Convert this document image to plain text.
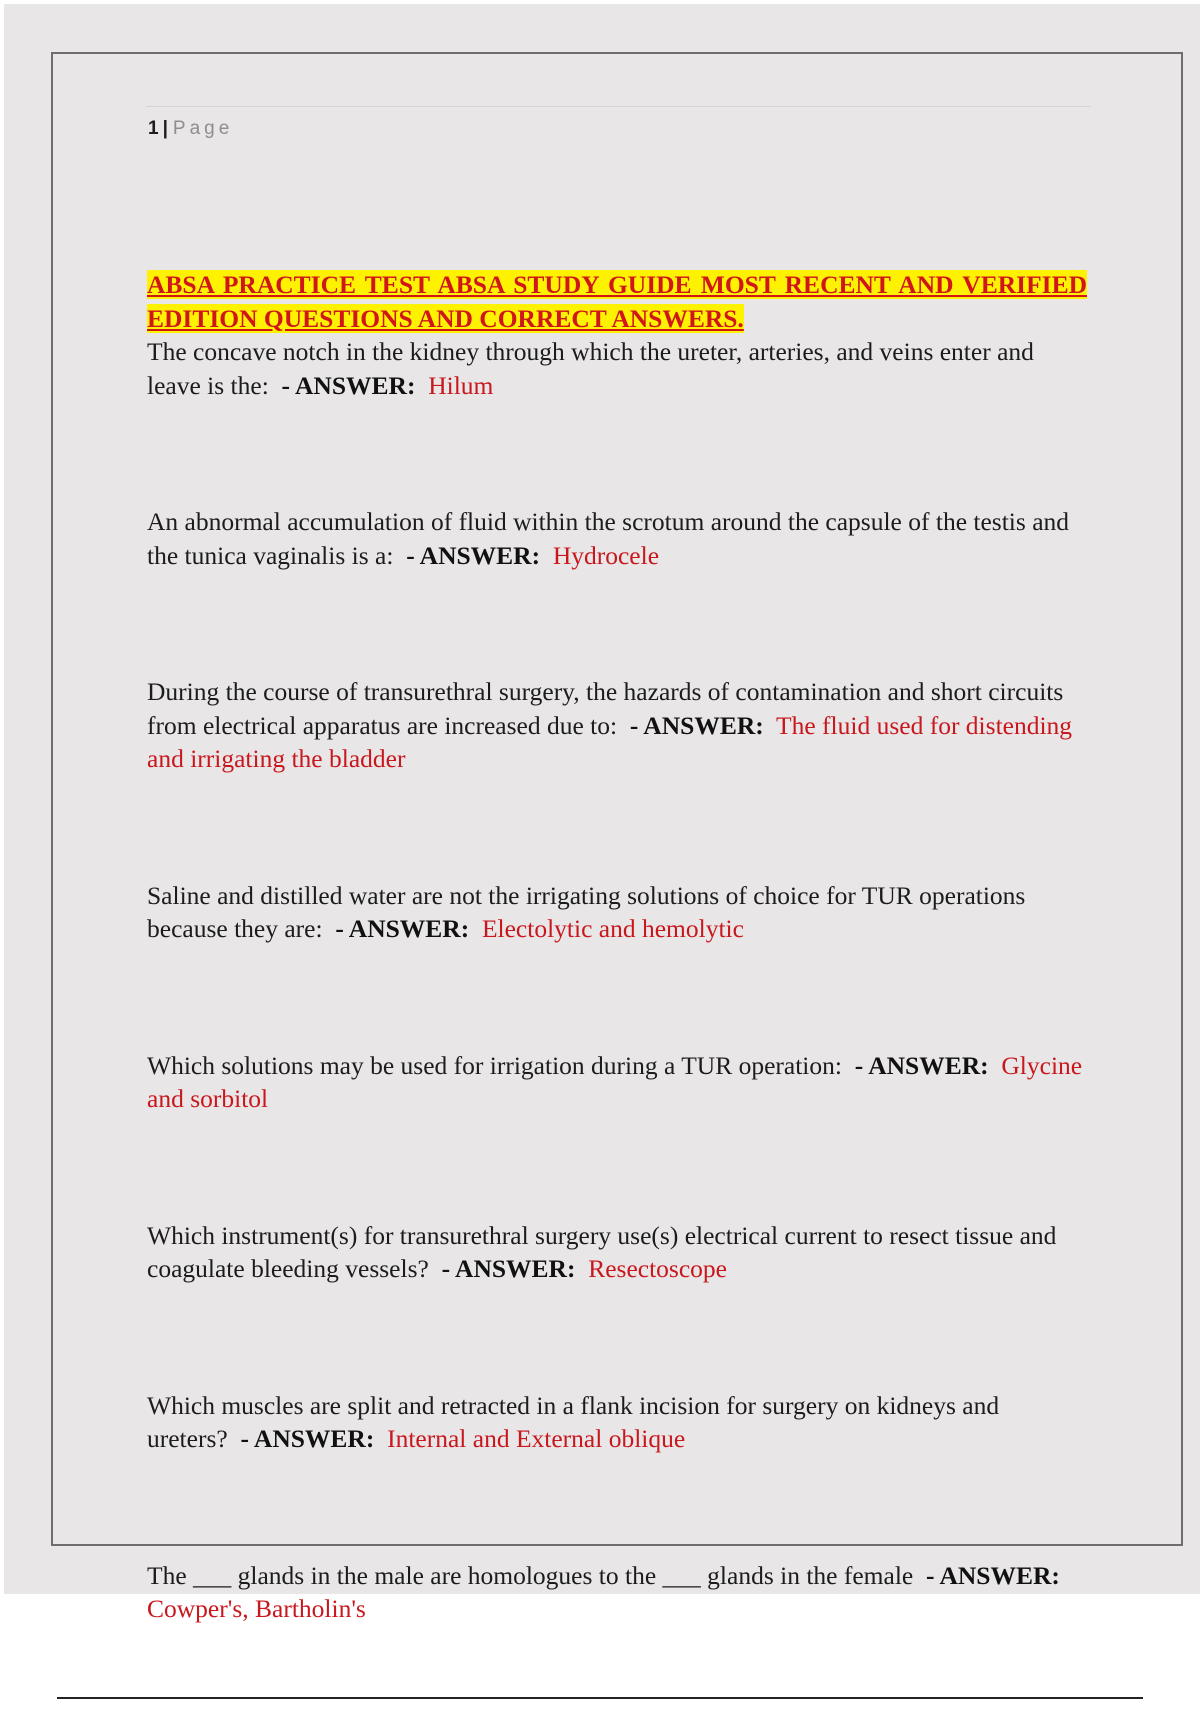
1 | Page

ABSA PRACTICE TEST ABSA STUDY GUIDE MOST RECENT AND VERIFIED EDITION QUESTIONS AND CORRECT ANSWERS.

The concave notch in the kidney through which the ureter, arteries, and veins enter and leave is the: - ANSWER: Hilum

An abnormal accumulation of fluid within the scrotum around the capsule of the testis and the tunica vaginalis is a: - ANSWER: Hydrocele

During the course of transurethral surgery, the hazards of contamination and short circuits from electrical apparatus are increased due to: - ANSWER: The fluid used for distending and irrigating the bladder

Saline and distilled water are not the irrigating solutions of choice for TUR operations because they are: - ANSWER: Electolytic and hemolytic

Which solutions may be used for irrigation during a TUR operation: - ANSWER: Glycine and sorbitol

Which instrument(s) for transurethral surgery use(s) electrical current to resect tissue and coagulate bleeding vessels? - ANSWER: Resectoscope

Which muscles are split and retracted in a flank incision for surgery on kidneys and ureters? - ANSWER: Internal and External oblique

The ___ glands in the male are homologues to the ___ glands in the female - ANSWER:  Cowper's, Bartholin's
